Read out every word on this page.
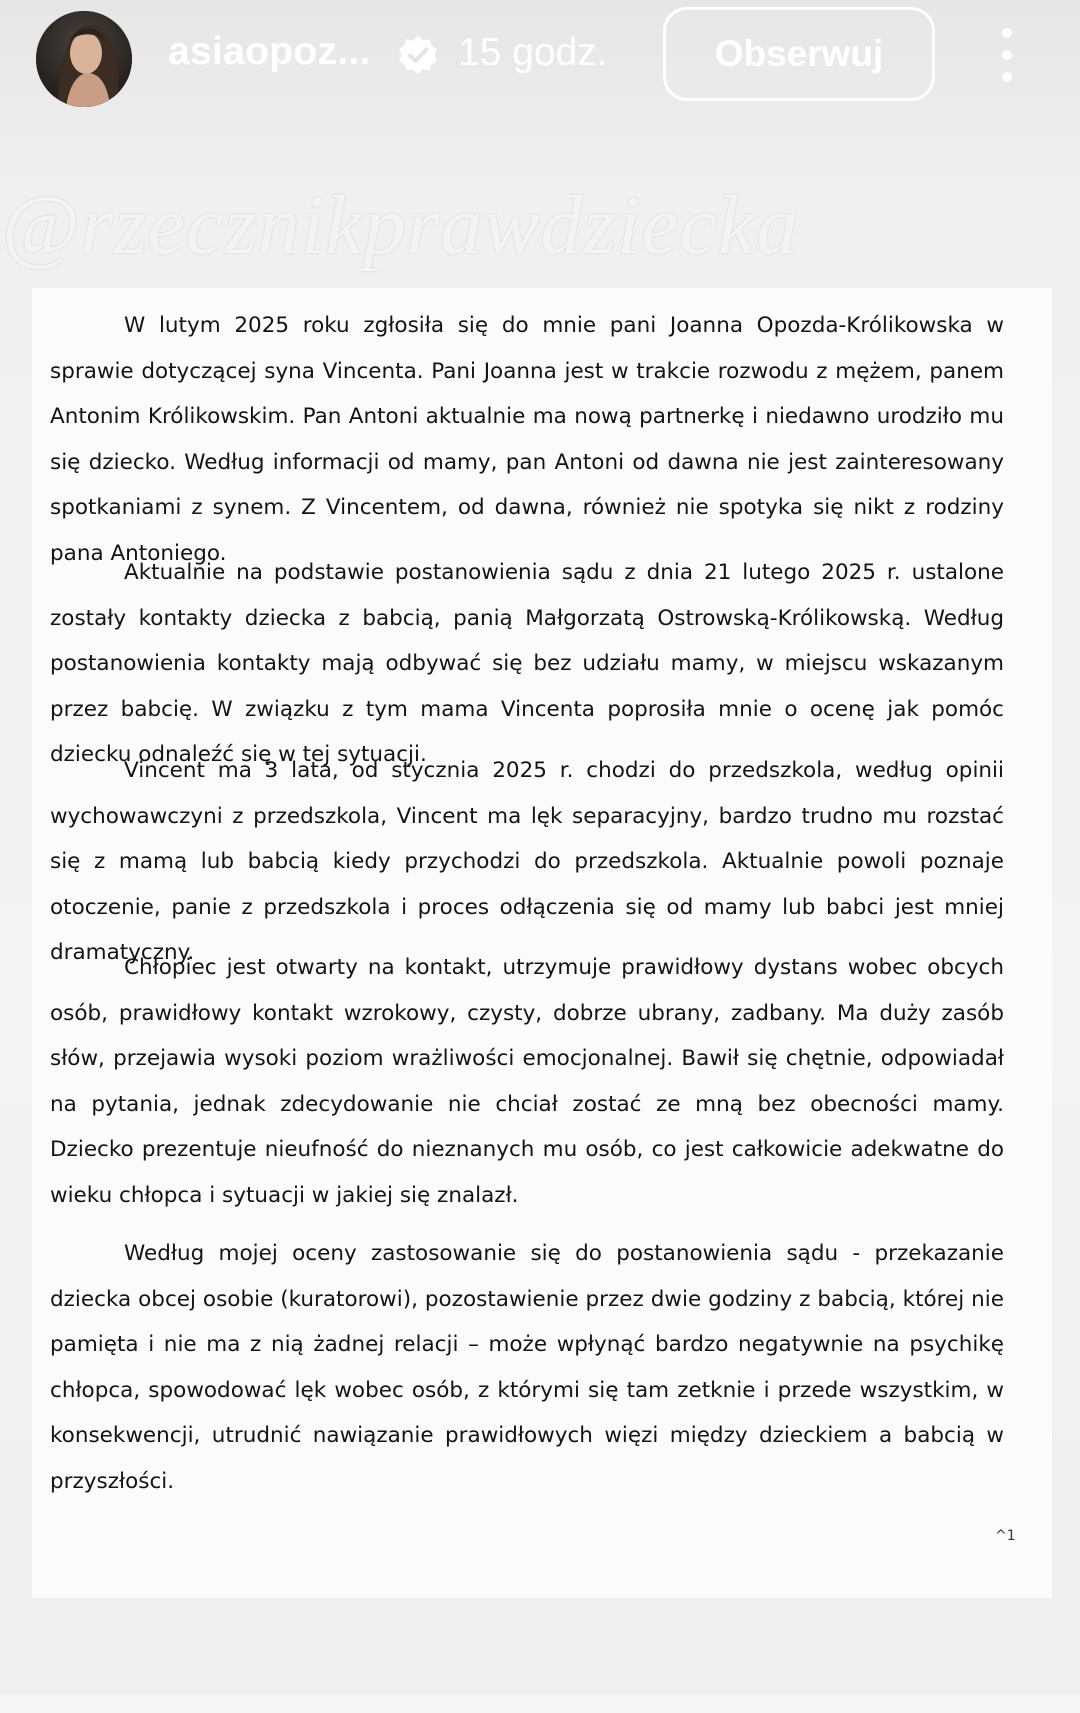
asiaopoz... 15 godz.	Obserwuj
@rzecznikprawdziecka

W lutym 2025 roku zgłosiła się do mnie pani Joanna Opozda-Królikowska w sprawie dotyczącej syna Vincenta. Pani Joanna jest w trakcie rozwodu z mężem, panem Antonim Królikowskim. Pan Antoni aktualnie ma nową partnerkę i niedawno urodziło mu się dziecko. Według informacji od mamy, pan Antoni od dawna nie jest zainteresowany spotkaniami z synem. Z Vincentem, od dawna, również nie spotyka się nikt z rodziny pana Antoniego.

Aktualnie na podstawie postanowienia sądu z dnia 21 lutego 2025 r. ustalone zostały kontakty dziecka z babcią, panią Małgorzatą Ostrowską-Królikowską. Według postanowienia kontakty mają odbywać się bez udziału mamy, w miejscu wskazanym przez babcię. W związku z tym mama Vincenta poprosiła mnie o ocenę jak pomóc dziecku odnaleźć się w tej sytuacji.

Vincent ma 3 lata, od stycznia 2025 r. chodzi do przedszkola, według opinii wychowawczyni z przedszkola, Vincent ma lęk separacyjny, bardzo trudno mu rozstać się z mamą lub babcią kiedy przychodzi do przedszkola. Aktualnie powoli poznaje otoczenie, panie z przedszkola i proces odłączenia się od mamy lub babci jest mniej dramatyczny.

Chłopiec jest otwarty na kontakt, utrzymuje prawidłowy dystans wobec obcych osób, prawidłowy kontakt wzrokowy, czysty, dobrze ubrany, zadbany. Ma duży zasób słów, przejawia wysoki poziom wrażliwości emocjonalnej. Bawił się chętnie, odpowiadał na pytania, jednak zdecydowanie nie chciał zostać ze mną bez obecności mamy. Dziecko prezentuje nieufność do nieznanych mu osób, co jest całkowicie adekwatne do wieku chłopca i sytuacji w jakiej się znalazł.

Według mojej oceny zastosowanie się do postanowienia sądu - przekazanie dziecka obcej osobie (kuratorowi), pozostawienie przez dwie godziny z babcią, której nie pamięta i nie ma z nią żadnej relacji – może wpłynąć bardzo negatywnie na psychikę chłopca, spowodować lęk wobec osób, z którymi się tam zetknie i przede wszystkim, w konsekwencji, utrudnić nawiązanie prawidłowych więzi między dzieckiem a babcią w przyszłości.

^1
